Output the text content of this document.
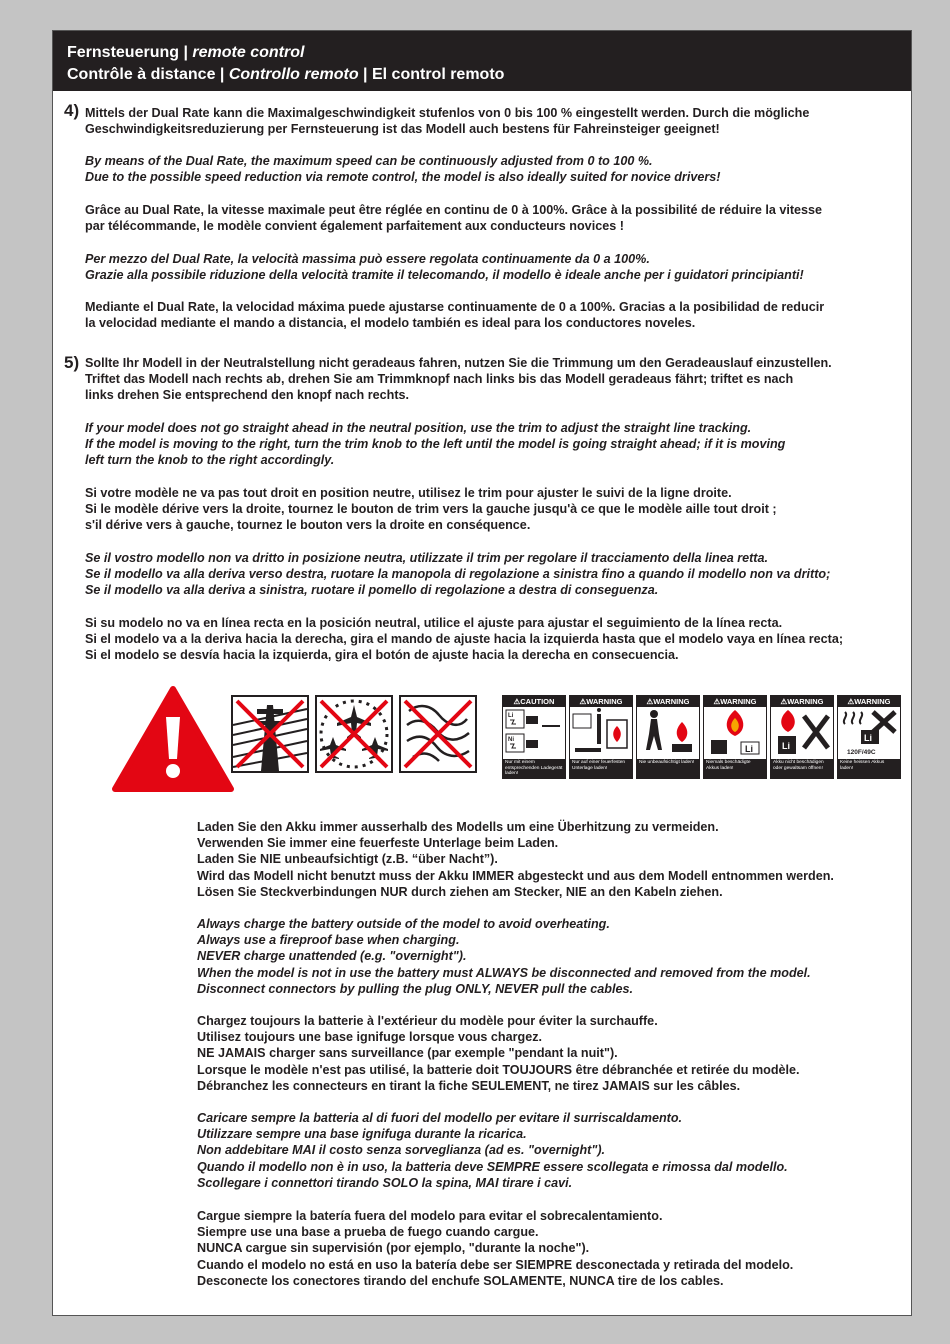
Fernsteuerung | remote control
Contrôle à distance | Controllo remoto | El control remoto
4) Mittels der Dual Rate kann die Maximalgeschwindigkeit stufenlos von 0 bis 100 % eingestellt werden. Durch die mögliche
Geschwindigkeitsreduzierung per Fernsteuerung ist das Modell auch bestens für Fahreinsteiger geeignet!
By means of the Dual Rate, the maximum speed can be continuously adjusted from 0 to 100 %.
Due to the possible speed reduction via remote control, the model is also ideally suited for novice drivers!
Grâce au Dual Rate, la vitesse maximale peut être réglée en continu de 0 à 100%. Grâce à la possibilité de réduire la vitesse
par télécommande, le modèle convient également parfaitement aux conducteurs novices !
Per mezzo del Dual Rate, la velocità massima può essere regolata continuamente da 0 a 100%.
Grazie alla possibile riduzione della velocità tramite il telecomando, il modello è ideale anche per i guidatori principianti!
Mediante el Dual Rate, la velocidad máxima puede ajustarse continuamente de 0 a 100%. Gracias a la posibilidad de reducir
la velocidad mediante el mando a distancia, el modelo también es ideal para los conductores noveles.
5) Sollte Ihr Modell in der Neutralstellung nicht geradeaus fahren, nutzen Sie die Trimmung um den Geradeauslauf einzustellen.
Triftet das Modell nach rechts ab, drehen Sie am Trimmknopf nach links bis das Modell geradeaus fährt; triftet es nach
links drehen Sie entsprechend den knopf nach rechts.
If your model does not go straight ahead in the neutral position, use the trim to adjust the straight line tracking.
If the model is moving to the right, turn the trim knob to the left until the model is going straight ahead; if it is moving
left turn the knob to the right accordingly.
Si votre modèle ne va pas tout droit en position neutre, utilisez le trim pour ajuster le suivi de la ligne droite.
Si le modèle dérive vers la droite, tournez le bouton de trim vers la gauche jusqu'à ce que le modèle aille tout droit ;
s'il dérive vers à gauche, tournez le bouton vers la droite en conséquence.
Se il vostro modello non va dritto in posizione neutra, utilizzate il trim per regolare il tracciamento della linea retta.
Se il modello va alla deriva verso destra, ruotare la manopola di regolazione a sinistra fino a quando il modello non va dritto;
Se il modello va alla deriva a sinistra, ruotare il pomello di regolazione a destra di conseguenza.
Si su modelo no va en línea recta en la posición neutral, utilice el ajuste para ajustar el seguimiento de la línea recta.
Si el modelo va a la deriva hacia la derecha, gira el mando de ajuste hacia la izquierda hasta que el modelo vaya en línea recta;
Si el modelo se desvía hacia la izquierda, gira el botón de ajuste hacia la derecha en consecuencia.
⚠CAUTION
Li
Ni
Nur mit einem entsprechenden Ladegerät laden!
⚠WARNING
Nur auf einer feuerfesten Unterlage laden!
⚠WARNING
Nie unbeaufsichtigt laden!
⚠WARNING
Li
Niemals beschädigte Akkus laden!
⚠WARNING
Li
Akku nicht beschädigen oder gewaltsam öffnen!
⚠WARNING
Li
120F/49C
Keine heissen Akkus laden!
Laden Sie den Akku immer ausserhalb des Modells um eine Überhitzung zu vermeiden.
Verwenden Sie immer eine feuerfeste Unterlage beim Laden.
Laden Sie NIE unbeaufsichtigt (z.B. “über Nacht”).
Wird das Modell nicht benutzt muss der Akku IMMER abgesteckt und aus dem Modell entnommen werden.
Lösen Sie Steckverbindungen NUR durch ziehen am Stecker, NIE an den Kabeln ziehen.
Always charge the battery outside of the model to avoid overheating.
Always use a fireproof base when charging.
NEVER charge unattended (e.g. "overnight").
When the model is not in use the battery must ALWAYS be disconnected and removed from the model.
Disconnect connectors by pulling the plug ONLY, NEVER pull the cables.
Chargez toujours la batterie à l'extérieur du modèle pour éviter la surchauffe.
Utilisez toujours une base ignifuge lorsque vous chargez.
NE JAMAIS charger sans surveillance (par exemple "pendant la nuit").
Lorsque le modèle n'est pas utilisé, la batterie doit TOUJOURS être débranchée et retirée du modèle.
Débranchez les connecteurs en tirant la fiche SEULEMENT, ne tirez JAMAIS sur les câbles.
Caricare sempre la batteria al di fuori del modello per evitare il surriscaldamento.
Utilizzare sempre una base ignifuga durante la ricarica.
Non addebitare MAI il costo senza sorveglianza (ad es. "overnight").
Quando il modello non è in uso, la batteria deve SEMPRE essere scollegata e rimossa dal modello.
Scollegare i connettori tirando SOLO la spina, MAI tirare i cavi.
Cargue siempre la batería fuera del modelo para evitar el sobrecalentamiento.
Siempre use una base a prueba de fuego cuando cargue.
NUNCA cargue sin supervisión (por ejemplo, "durante la noche").
Cuando el modelo no está en uso la batería debe ser SIEMPRE desconectada y retirada del modelo.
Desconecte los conectores tirando del enchufe SOLAMENTE, NUNCA tire de los cables.
